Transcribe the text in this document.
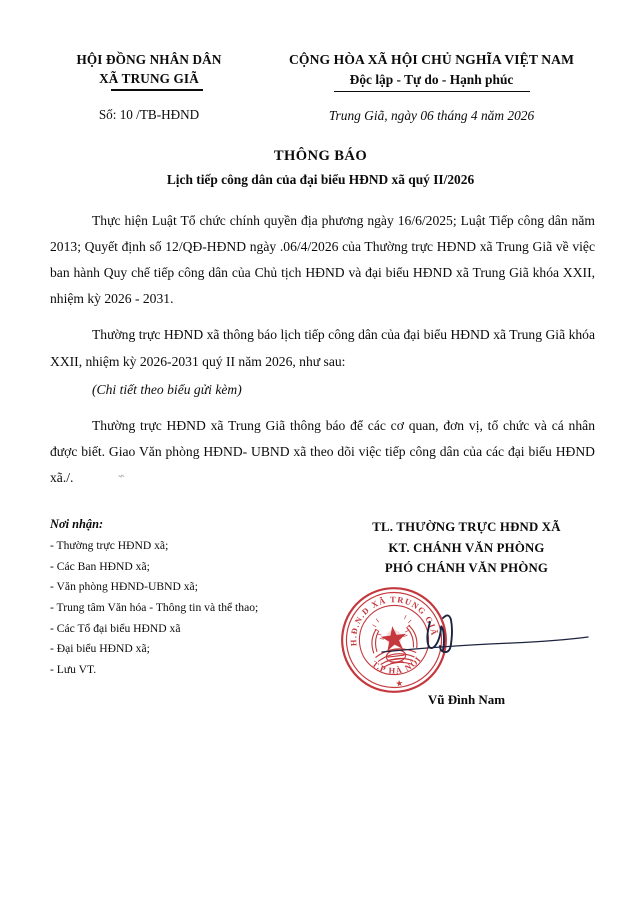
HỘI ĐỒNG NHÂN DÂN
XÃ TRUNG GIÃ
Số: 10 /TB-HĐND
CỘNG HÒA XÃ HỘI CHỦ NGHĨA VIỆT NAM
Độc lập - Tự do - Hạnh phúc
Trung Giã, ngày 06 tháng 4 năm 2026
THÔNG BÁO
Lịch tiếp công dân của đại biểu HĐND xã quý II/2026

Thực hiện Luật Tổ chức chính quyền địa phương ngày 16/6/2025; Luật Tiếp công dân năm 2013; Quyết định số 12/QĐ-HĐND ngày .06/4/2026 của Thường trực HĐND xã Trung Giã về việc ban hành Quy chế tiếp công dân của Chủ tịch HĐND và đại biểu HĐND xã Trung Giã khóa XXII, nhiệm kỳ 2026 - 2031.

Thường trực HĐND xã thông báo lịch tiếp công dân của đại biểu HĐND xã Trung Giã khóa XXII, nhiệm kỳ 2026-2031 quý II năm 2026, như sau:

(Chi tiết theo biểu gửi kèm)

Thường trực HĐND xã Trung Giã thông báo để các cơ quan, đơn vị, tổ chức và cá nhân được biết. Giao Văn phòng HĐND- UBND xã theo dõi việc tiếp công dân của các đại biểu HĐND xã./.	⌁

Nơi nhận:
- Thường trực HĐND xã;
- Các Ban HĐND xã;
- Văn phòng HĐND-UBND xã;
- Trung tâm Văn hóa - Thông tin và thể thao;
- Các Tổ đại biểu HĐND xã
- Đại biểu HĐND xã;
- Lưu VT.
TL. THƯỜNG TRỰC HĐND XÃ
KT. CHÁNH VĂN PHÒNG
PHÓ CHÁNH VĂN PHÒNG
H.Đ.N.D XÃ TRUNG GIÃ
T.P HÀ NỘI
★
Vũ Đình Nam
